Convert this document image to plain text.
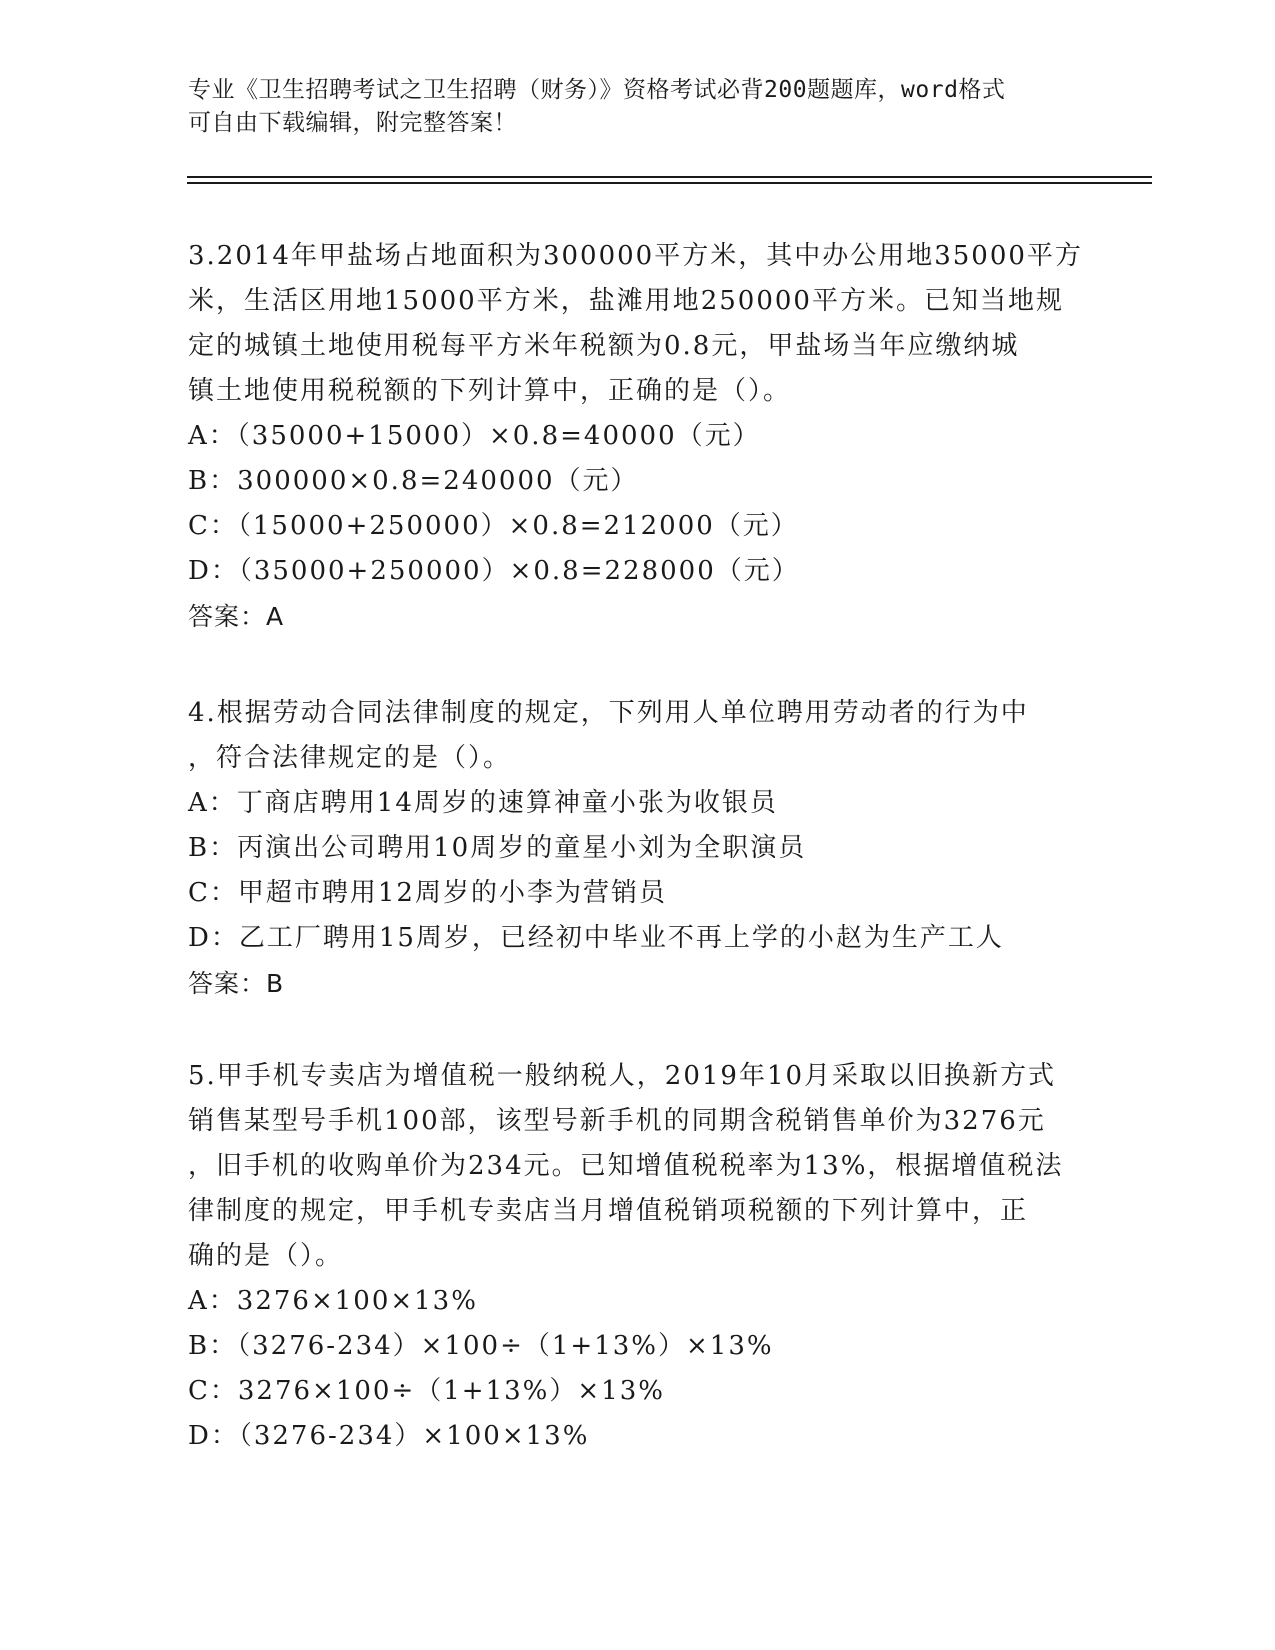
专业《卫生招聘考试之卫生招聘（财务）》资格考试必背200题题库，word格式
可自由下载编辑，附完整答案！
3.2014年甲盐场占地面积为300000平方米，其中办公用地35000平方
米，生活区用地15000平方米，盐滩用地250000平方米。已知当地规
定的城镇土地使用税每平方米年税额为0.8元，甲盐场当年应缴纳城
镇土地使用税税额的下列计算中，正确的是（）。
A：（35000+15000）×0.8=40000（元）
B：300000×0.8=240000（元）
C：（15000+250000）×0.8=212000（元）
D：（35000+250000）×0.8=228000（元）
答案：A
4.根据劳动合同法律制度的规定，下列用人单位聘用劳动者的行为中
，符合法律规定的是（）。
A：丁商店聘用14周岁的速算神童小张为收银员
B：丙演出公司聘用10周岁的童星小刘为全职演员
C：甲超市聘用12周岁的小李为营销员
D：乙工厂聘用15周岁，已经初中毕业不再上学的小赵为生产工人
答案：B
5.甲手机专卖店为增值税一般纳税人，2019年10月采取以旧换新方式
销售某型号手机100部，该型号新手机的同期含税销售单价为3276元
，旧手机的收购单价为234元。已知增值税税率为13%，根据增值税法
律制度的规定，甲手机专卖店当月增值税销项税额的下列计算中，正
确的是（）。
A：3276×100×13%
B：（3276-234）×100÷（1+13%）×13%
C：3276×100÷（1+13%）×13%
D：（3276-234）×100×13%
